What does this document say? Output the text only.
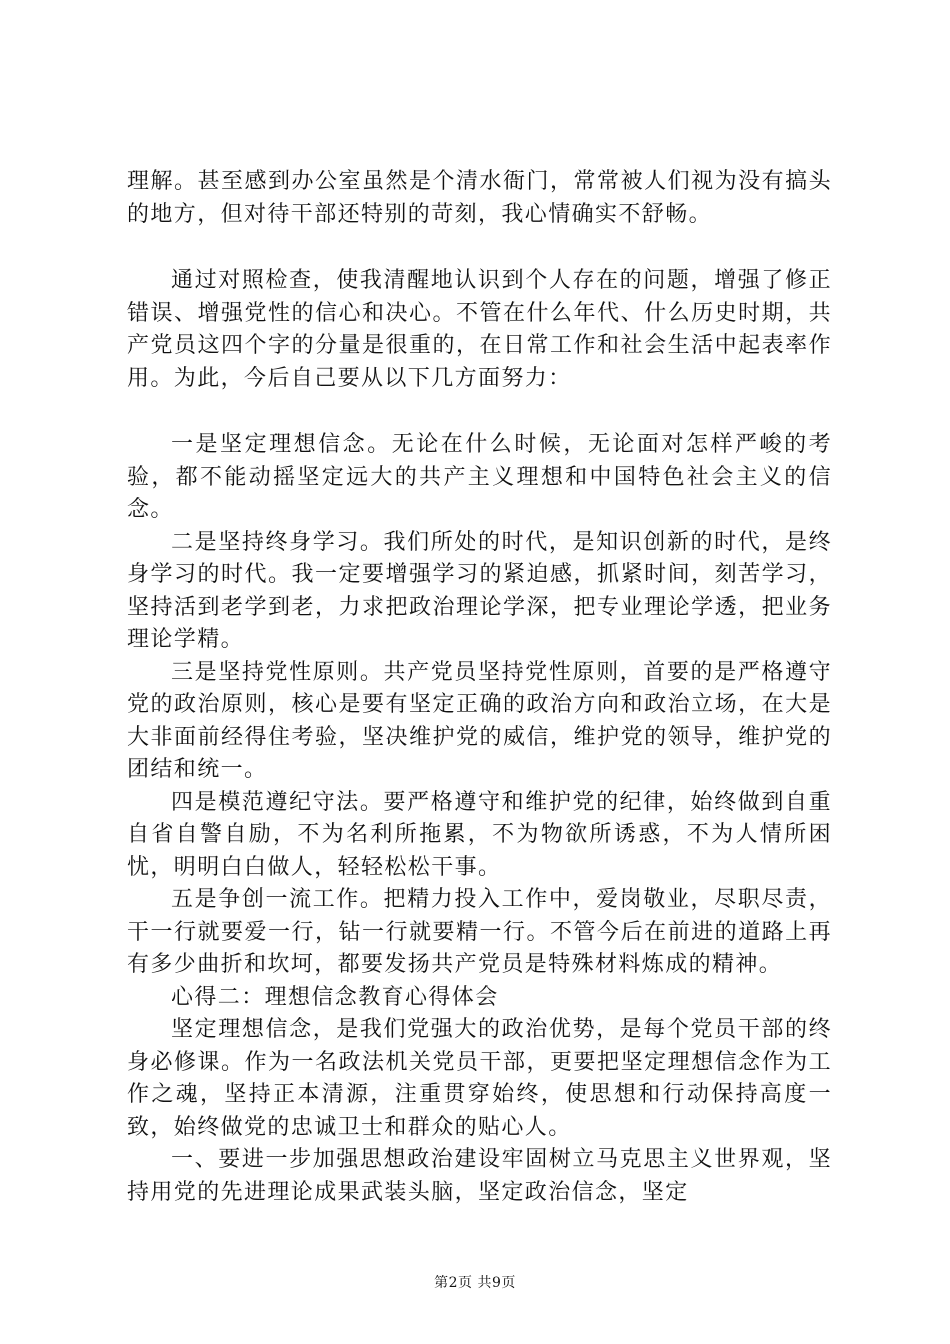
理解。甚至感到办公室虽然是个清水衙门，常常被人们视为没有搞头的地方，但对待干部还特别的苛刻，我心情确实不舒畅。

通过对照检查，使我清醒地认识到个人存在的问题，增强了修正错误、增强党性的信心和决心。不管在什么年代、什么历史时期，共产党员这四个字的分量是很重的，在日常工作和社会生活中起表率作用。为此，今后自己要从以下几方面努力：

一是坚定理想信念。无论在什么时候，无论面对怎样严峻的考验，都不能动摇坚定远大的共产主义理想和中国特色社会主义的信念。

二是坚持终身学习。我们所处的时代，是知识创新的时代，是终身学习的时代。我一定要增强学习的紧迫感，抓紧时间，刻苦学习，坚持活到老学到老，力求把政治理论学深，把专业理论学透，把业务理论学精。

三是坚持党性原则。共产党员坚持党性原则，首要的是严格遵守党的政治原则，核心是要有坚定正确的政治方向和政治立场，在大是大非面前经得住考验，坚决维护党的威信，维护党的领导，维护党的团结和统一。

四是模范遵纪守法。要严格遵守和维护党的纪律，始终做到自重自省自警自励，不为名利所拖累，不为物欲所诱惑，不为人情所困忧，明明白白做人，轻轻松松干事。

五是争创一流工作。把精力投入工作中，爱岗敬业，尽职尽责，干一行就要爱一行，钻一行就要精一行。不管今后在前进的道路上再有多少曲折和坎坷，都要发扬共产党员是特殊材料炼成的精神。

心得二：理想信念教育心得体会

坚定理想信念，是我们党强大的政治优势，是每个党员干部的终身必修课。作为一名政法机关党员干部，更要把坚定理想信念作为工作之魂，坚持正本清源，注重贯穿始终，使思想和行动保持高度一致，始终做党的忠诚卫士和群众的贴心人。

一、要进一步加强思想政治建设牢固树立马克思主义世界观，坚持用党的先进理论成果武装头脑，坚定政治信念，坚定

第2页 共9页
